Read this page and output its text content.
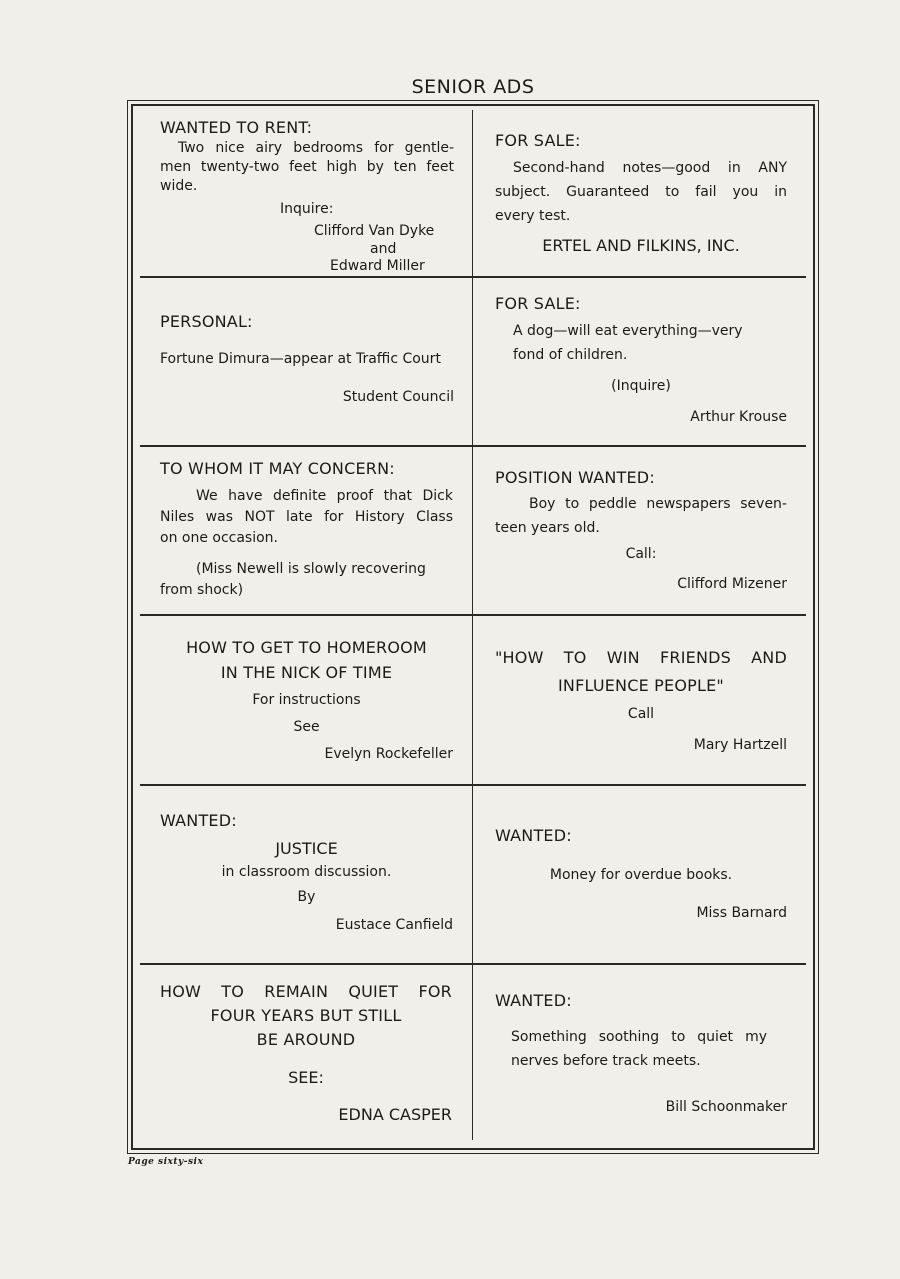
SENIOR ADS
WANTED TO RENT:
Two nice airy bedrooms for gentle-
men twenty-two feet high by ten feet
wide.
Inquire:
Clifford Van Dyke
and
Edward Miller
FOR SALE:
Second-hand notes—good in ANY
subject. Guaranteed to fail you in
every test.
ERTEL AND FILKINS, INC.
PERSONAL:
Fortune Dimura—appear at Traffic Court
Student Council
FOR SALE:
A dog—will eat everything—very
fond of children.
(Inquire)
Arthur Krouse
TO WHOM IT MAY CONCERN:
We have definite proof that Dick
Niles was NOT late for History Class
on one occasion.
(Miss Newell is slowly recovering
from shock)
POSITION WANTED:
Boy to peddle newspapers seven-
teen years old.
Call:
Clifford Mizener
HOW TO GET TO HOMEROOM
IN THE NICK OF TIME
For instructions
See
Evelyn Rockefeller
"HOW TO WIN FRIENDS AND
INFLUENCE PEOPLE"
Call
Mary Hartzell
WANTED:
JUSTICE
in classroom discussion.
By
Eustace Canfield
WANTED:
Money for overdue books.
Miss Barnard
HOW TO REMAIN QUIET FOR
FOUR YEARS BUT STILL
BE AROUND
SEE:
EDNA CASPER
WANTED:
Something soothing to quiet my
nerves before track meets.
Bill Schoonmaker
Page sixty-six
